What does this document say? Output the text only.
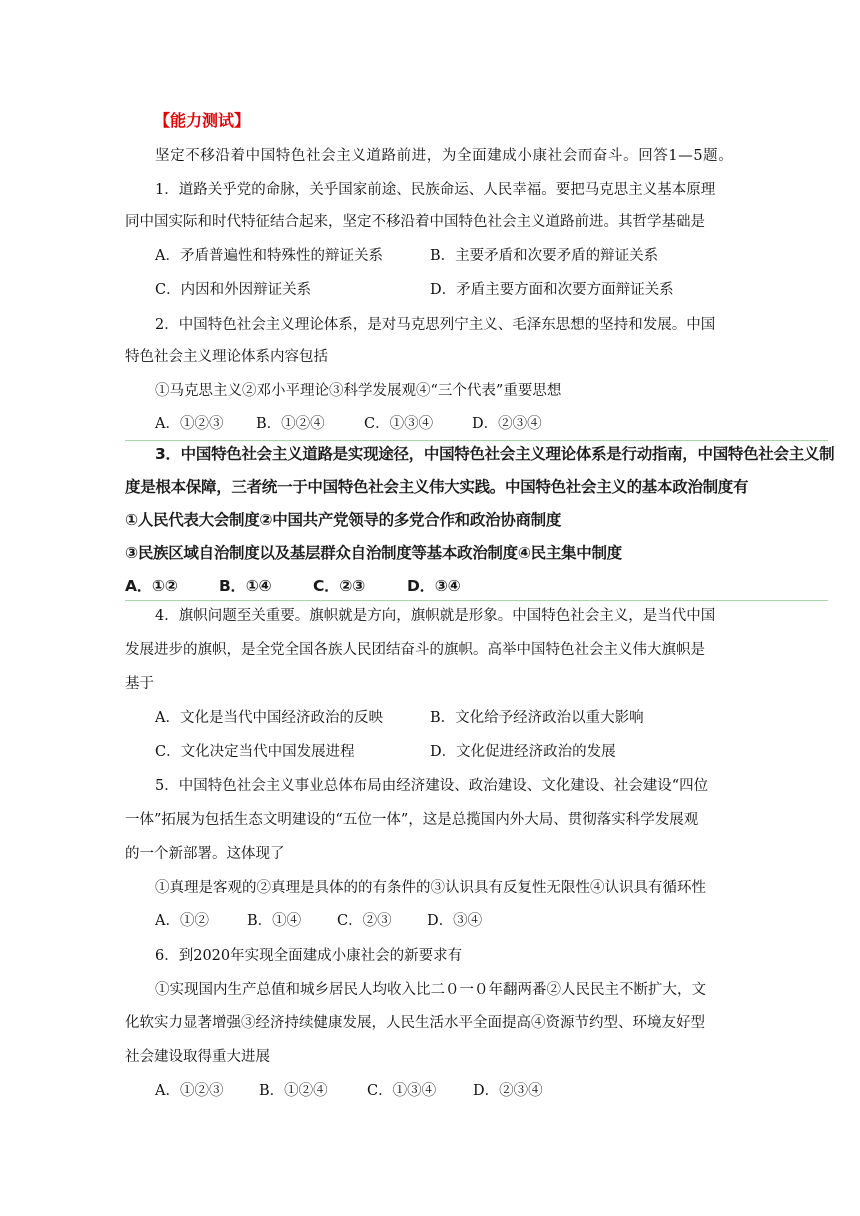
【能力测试】
坚定不移沿着中国特色社会主义道路前进，为全面建成小康社会而奋斗。回答1—5题。
1．道路关乎党的命脉，关乎国家前途、民族命运、人民幸福。要把马克思主义基本原理
同中国实际和时代特征结合起来，坚定不移沿着中国特色社会主义道路前进。其哲学基础是
A．矛盾普遍性和特殊性的辩证关系	B．主要矛盾和次要矛盾的辩证关系
C．内因和外因辩证关系	D．矛盾主要方面和次要方面辩证关系
2．中国特色社会主义理论体系，是对马克思列宁主义、毛泽东思想的坚持和发展。中国
特色社会主义理论体系内容包括
①马克思主义②邓小平理论③科学发展观④“三个代表”重要思想
A．①②③ B．①②④	C．①③④	D．②③④
3．中国特色社会主义道路是实现途径，中国特色社会主义理论体系是行动指南，中国特色社会主义制
度是根本保障，三者统一于中国特色社会主义伟大实践。中国特色社会主义的基本政治制度有
①人民代表大会制度②中国共产党领导的多党合作和政治协商制度
③民族区域自治制度以及基层群众自治制度等基本政治制度④民主集中制度
A．①②	B．①④	C．②③	D．③④
4．旗帜问题至关重要。旗帜就是方向，旗帜就是形象。中国特色社会主义，是当代中国
发展进步的旗帜，是全党全国各族人民团结奋斗的旗帜。高举中国特色社会主义伟大旗帜是
基于
A．文化是当代中国经济政治的反映	B．文化给予经济政治以重大影响
C．文化决定当代中国发展进程	D．文化促进经济政治的发展
5．中国特色社会主义事业总体布局由经济建设、政治建设、文化建设、社会建设“四位
一体”拓展为包括生态文明建设的“五位一体”，这是总揽国内外大局、贯彻落实科学发展观
的一个新部署。这体现了
①真理是客观的②真理是具体的的有条件的③认识具有反复性无限性④认识具有循环性
A．①②	B．①④ C．②③ D．③④
6．到2020年实现全面建成小康社会的新要求有
①实现国内生产总值和城乡居民人均收入比二０一０年翻两番②人民民主不断扩大，文
化软实力显著增强③经济持续健康发展，人民生活水平全面提高④资源节约型、环境友好型
社会建设取得重大进展
A．①②③ B．①②④	C．①③④	D．②③④
